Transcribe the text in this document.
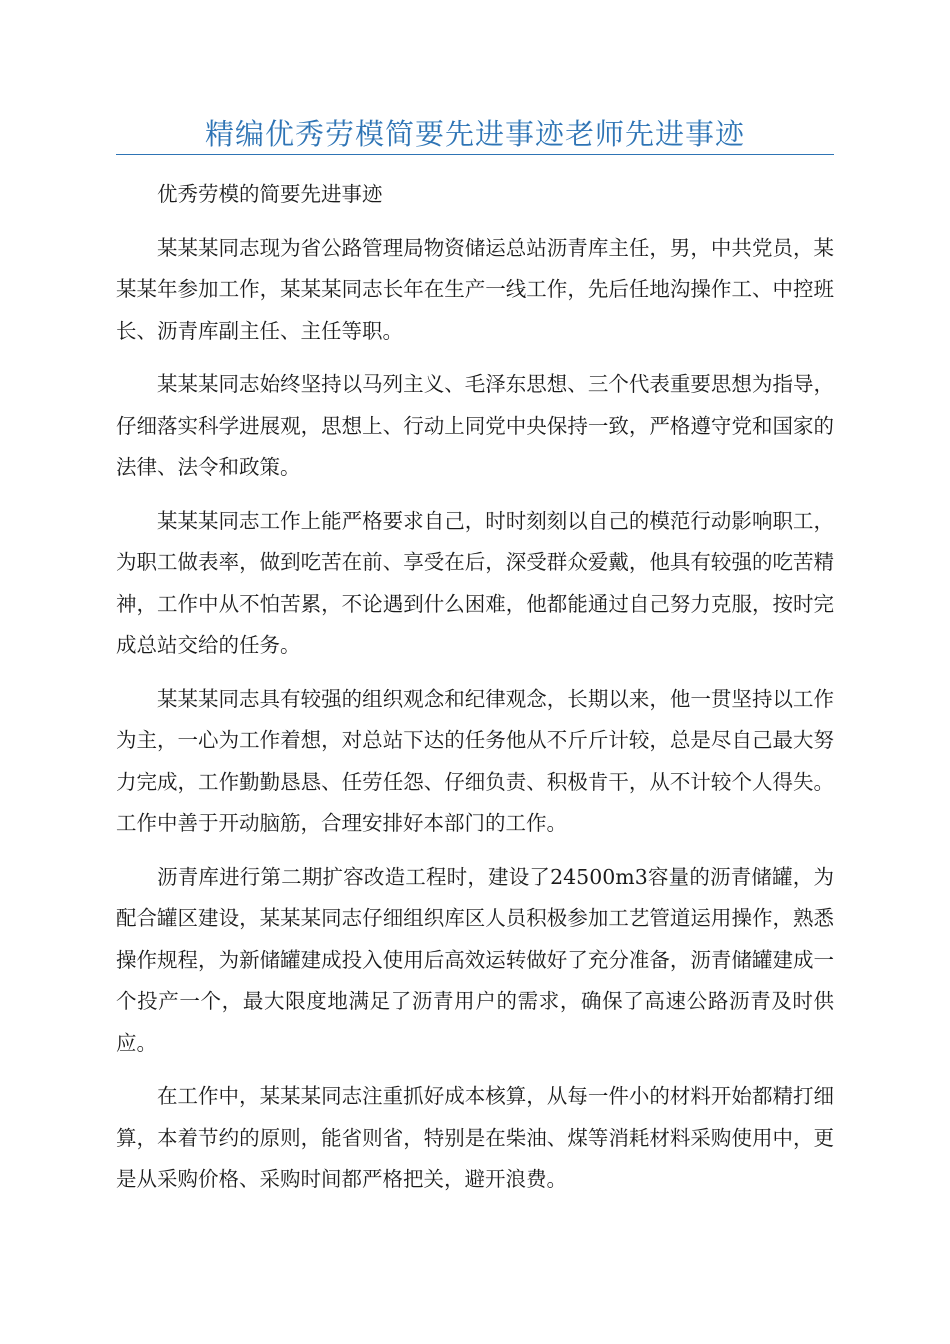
精编优秀劳模简要先进事迹老师先进事迹

优秀劳模的简要先进事迹

某某某同志现为省公路管理局物资储运总站沥青库主任，男，中共党员，某某某年参加工作，某某某同志长年在生产一线工作，先后任地沟操作工、中控班长、沥青库副主任、主任等职。

某某某同志始终坚持以马列主义、毛泽东思想、三个代表重要思想为指导，仔细落实科学进展观，思想上、行动上同党中央保持一致，严格遵守党和国家的法律、法令和政策。

某某某同志工作上能严格要求自己，时时刻刻以自己的模范行动影响职工，为职工做表率，做到吃苦在前、享受在后，深受群众爱戴，他具有较强的吃苦精神，工作中从不怕苦累，不论遇到什么困难，他都能通过自己努力克服，按时完成总站交给的任务。

某某某同志具有较强的组织观念和纪律观念，长期以来，他一贯坚持以工作为主，一心为工作着想，对总站下达的任务他从不斤斤计较，总是尽自己最大努力完成，工作勤勤恳恳、任劳任怨、仔细负责、积极肯干，从不计较个人得失。工作中善于开动脑筋，合理安排好本部门的工作。

沥青库进行第二期扩容改造工程时，建设了24500m3容量的沥青储罐，为配合罐区建设，某某某同志仔细组织库区人员积极参加工艺管道运用操作，熟悉操作规程，为新储罐建成投入使用后高效运转做好了充分准备，沥青储罐建成一个投产一个，最大限度地满足了沥青用户的需求，确保了高速公路沥青及时供应。

在工作中，某某某同志注重抓好成本核算，从每一件小的材料开始都精打细算，本着节约的原则，能省则省，特别是在柴油、煤等消耗材料采购使用中，更是从采购价格、采购时间都严格把关，避开浪费。
